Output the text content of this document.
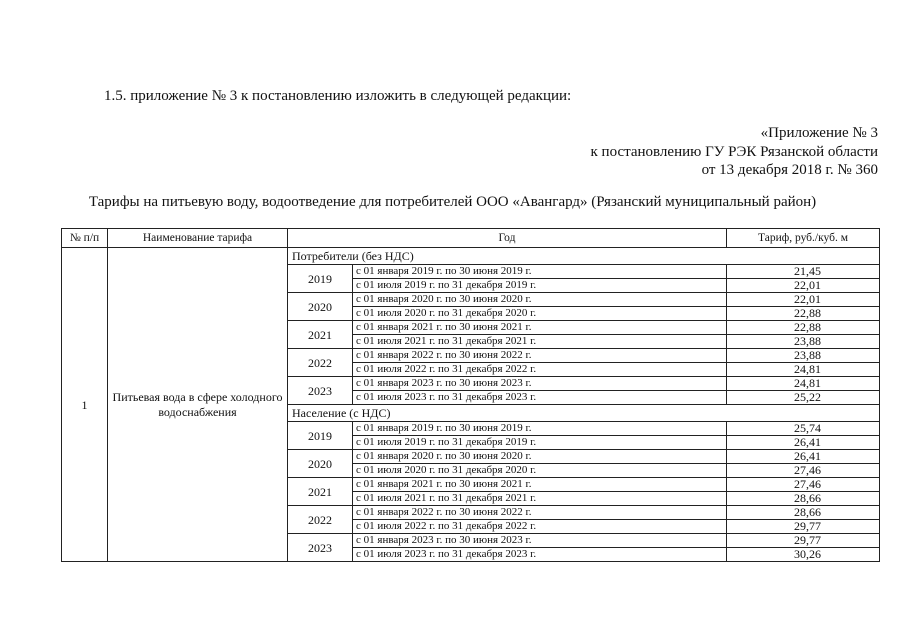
1.5. приложение № 3 к постановлению изложить в следующей редакции:
«Приложение № 3
к постановлению ГУ РЭК Рязанской области
от 13 декабря 2018 г. № 360
Тарифы на питьевую воду, водоотведение для потребителей ООО «Авангард» (Рязанский муниципальный район)
№ п/п	Наименование тарифа	Год		Тариф, руб./куб. м
1	Питьевая вода в сфере холодного водоснабжения	Потребители (без НДС)		
		2019	с 01 января 2019 г. по 30 июня 2019 г.	21,45
			с 01 июля 2019 г. по 31 декабря 2019 г.	22,01
		2020	с 01 января 2020 г. по 30 июня 2020 г.	22,01
			с 01 июля 2020 г. по 31 декабря 2020 г.	22,88
		2021	с 01 января 2021 г. по 30 июня 2021 г.	22,88
			с 01 июля 2021 г. по 31 декабря 2021 г.	23,88
		2022	с 01 января 2022 г. по 30 июня 2022 г.	23,88
			с 01 июля 2022 г. по 31 декабря 2022 г.	24,81
		2023	с 01 января 2023 г. по 30 июня 2023 г.	24,81
			с 01 июля 2023 г. по 31 декабря 2023 г.	25,22
		Население (с НДС)		
		2019	с 01 января 2019 г. по 30 июня 2019 г.	25,74
			с 01 июля 2019 г. по 31 декабря 2019 г.	26,41
		2020	с 01 января 2020 г. по 30 июня 2020 г.	26,41
			с 01 июля 2020 г. по 31 декабря 2020 г.	27,46
		2021	с 01 января 2021 г. по 30 июня 2021 г.	27,46
			с 01 июля 2021 г. по 31 декабря 2021 г.	28,66
		2022	с 01 января 2022 г. по 30 июня 2022 г.	28,66
			с 01 июля 2022 г. по 31 декабря 2022 г.	29,77
		2023	с 01 января 2023 г. по 30 июня 2023 г.	29,77
			с 01 июля 2023 г. по 31 декабря 2023 г.	30,26
